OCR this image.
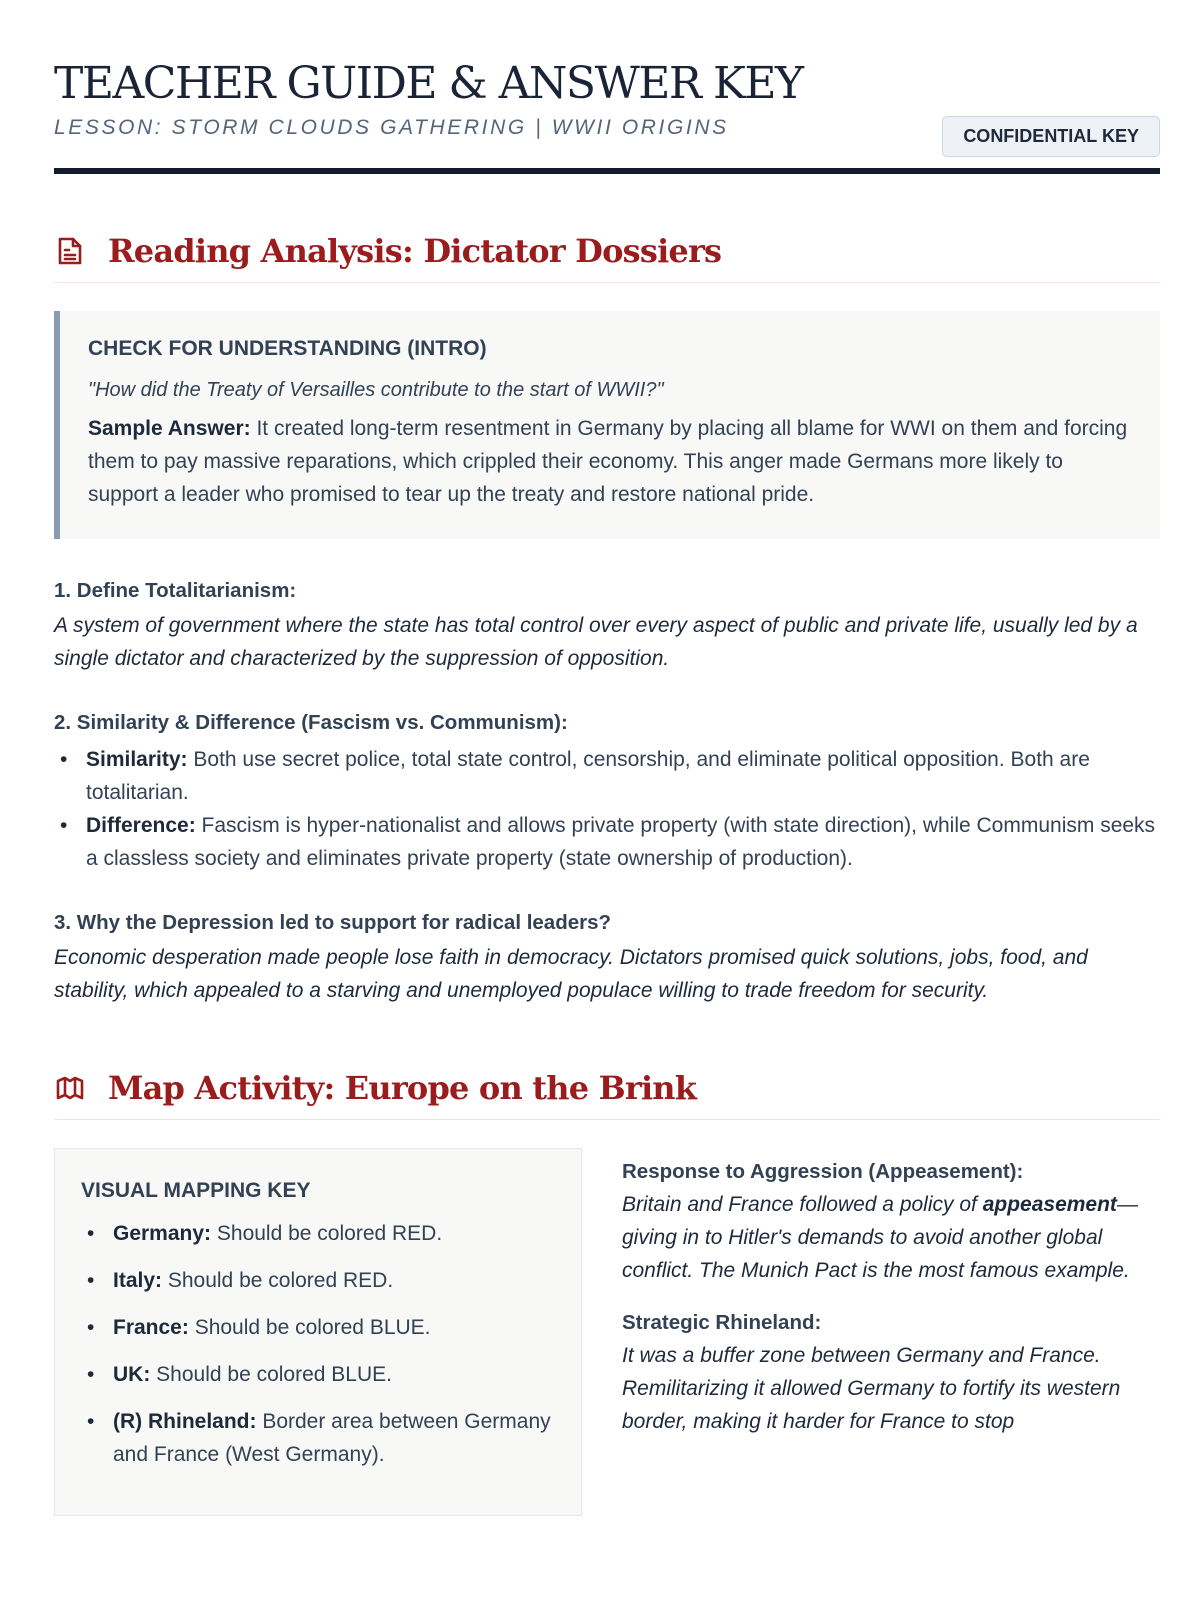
TEACHER GUIDE & ANSWER KEY
LESSON: STORM CLOUDS GATHERING | WWII ORIGINS	CONFIDENTIAL KEY
Reading Analysis: Dictator Dossiers
CHECK FOR UNDERSTANDING (INTRO)
"How did the Treaty of Versailles contribute to the start of WWII?"

Sample Answer: It created long-term resentment in Germany by placing all blame for WWI on them and forcing them to pay massive reparations, which crippled their economy. This anger made Germans more likely to support a leader who promised to tear up the treaty and restore national pride.

1. Define Totalitarianism:
A system of government where the state has total control over every aspect of public and private life, usually led by a single dictator and characterized by the suppression of opposition.
2. Similarity & Difference (Fascism vs. Communism):
• Similarity: Both use secret police, total state control, censorship, and eliminate political opposition. Both are totalitarian.
• Difference: Fascism is hyper-nationalist and allows private property (with state direction), while Communism seeks a classless society and eliminates private property (state ownership of production).
3. Why the Depression led to support for radical leaders?
Economic desperation made people lose faith in democracy. Dictators promised quick solutions, jobs, food, and stability, which appealed to a starving and unemployed populace willing to trade freedom for security.
Map Activity: Europe on the Brink
VISUAL MAPPING KEY
• Germany: Should be colored RED.
• Italy: Should be colored RED.
• France: Should be colored BLUE.
• UK: Should be colored BLUE.
• (R) Rhineland: Border area between Germany and France (West Germany).
Response to Aggression (Appeasement):
Britain and France followed a policy of appeasement—giving in to Hitler's demands to avoid another global conflict. The Munich Pact is the most famous example.
Strategic Rhineland:
It was a buffer zone between Germany and France. Remilitarizing it allowed Germany to fortify its western border, making it harder for France to stop
